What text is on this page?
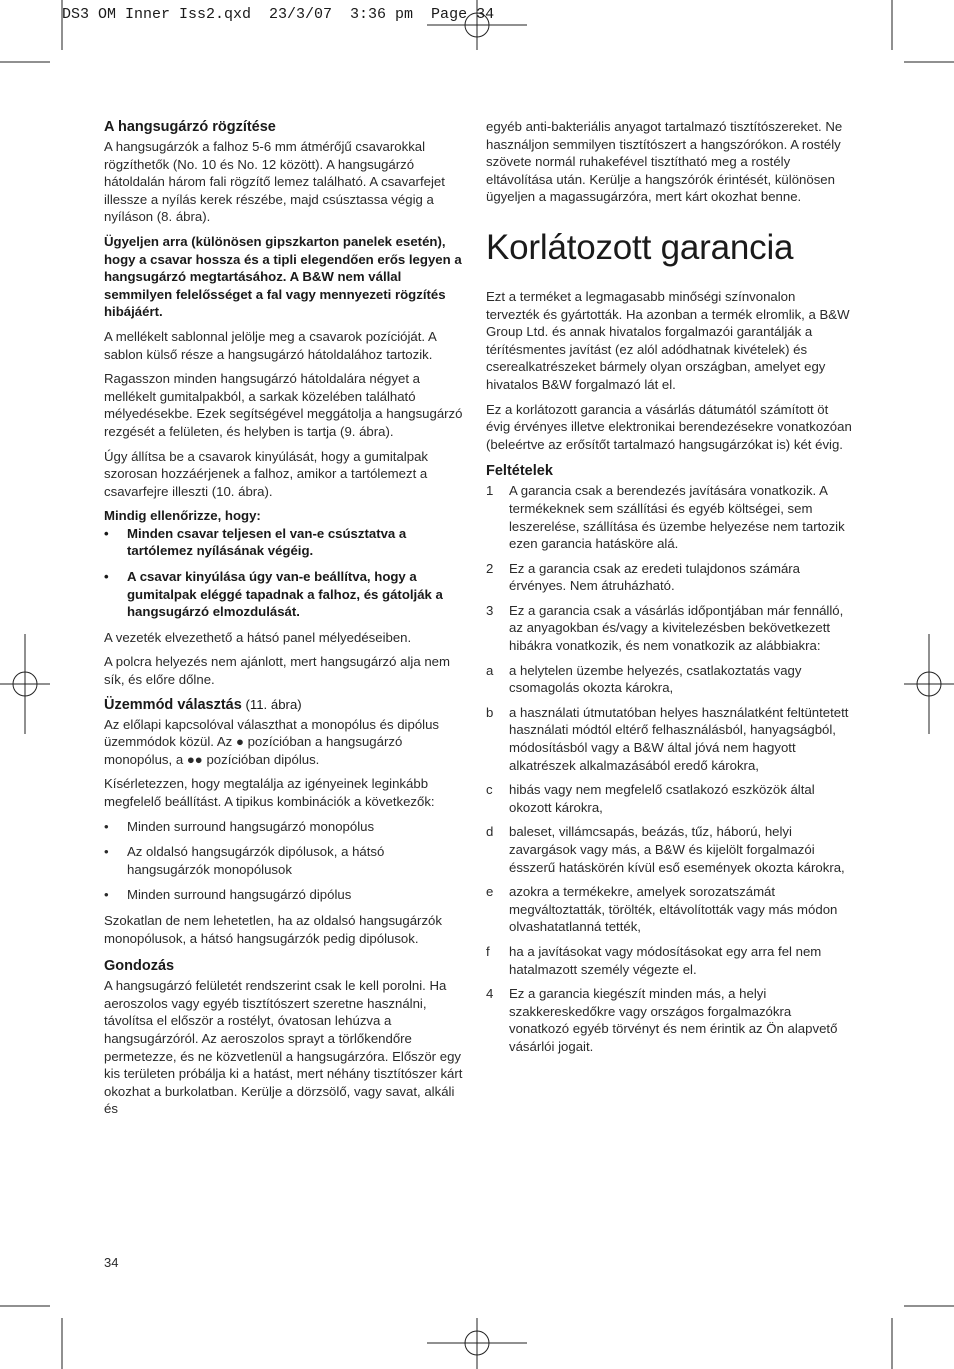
DS3 OM Inner Iss2.qxd  23/3/07  3:36 pm  Page 34
A hangsugárzó rögzítése

A hangsugárzók a falhoz 5-6 mm átmérőjű csavarokkal rögzíthetők (No. 10 és No. 12 között). A hangsugárzó hátoldalán három fali rögzítő lemez található. A csavarfejet illessze a nyílás kerek részébe, majd csúsztassa végig a nyíláson (8. ábra).

Ügyeljen arra (különösen gipszkarton panelek esetén), hogy a csavar hossza és a tipli elegendően erős legyen a hangsugárzó megtartásához. A B&W nem vállal semmilyen felelősséget a fal vagy mennyezeti rögzítés hibájáért.

A mellékelt sablonnal jelölje meg a csavarok pozícióját. A sablon külső része a hangsugárzó hátoldalához tartozik.

Ragasszon minden hangsugárzó hátoldalára négyet a mellékelt gumitalpakból, a sarkak közelében található mélyedésekbe. Ezek segítségével meggátolja a hangsugárzó rezgését a felületen, és helyben is tartja (9. ábra).

Úgy állítsa be a csavarok kinyúlását, hogy a gumitalpak szorosan hozzáérjenek a falhoz, amikor a tartólemezt a csavarfejre illeszti (10. ábra).

Mindig ellenőrizze, hogy:

• Minden csavar teljesen el van-e csúsztatva a tartólemez nyílásának végéig.
• A csavar kinyúlása úgy van-e beállítva, hogy a gumitalpak eléggé tapadnak a falhoz, és gátolják a hangsugárzó elmozdulását.

A vezeték elvezethető a hátsó panel mélyedéseiben.

A polcra helyezés nem ajánlott, mert hangsugárzó alja nem sík, és előre dőlne.

Üzemmód választás (11. ábra)

Az előlapi kapcsolóval választhat a monopólus és dipólus üzemmódok közül. Az ● pozícióban a hangsugárzó monopólus, a ●● pozícióban dipólus.

Kísérletezzen, hogy megtalálja az igényeinek leginkább megfelelő beállítást. A tipikus kombinációk a következők:

• Minden surround hangsugárzó monopólus
• Az oldalsó hangsugárzók dipólusok, a hátsó hangsugárzók monopólusok
• Minden surround hangsugárzó dipólus

Szokatlan de nem lehetetlen, ha az oldalsó hangsugárzók monopólusok, a hátsó hangsugárzók pedig dipólusok.

Gondozás

A hangsugárzó felületét rendszerint csak le kell porolni. Ha aeroszolos vagy egyéb tisztítószert szeretne használni, távolítsa el először a rostélyt, óvatosan lehúzva a hangsugárzóról. Az aeroszolos sprayt a törlőkendőre permetezze, és ne közvetlenül a hangsugárzóra. Először egy kis területen próbálja ki a hatást, mert néhány tisztítószer kárt okozhat a burkolatban. Kerülje a dörzsölő, vagy savat, alkáli és

egyéb anti-bakteriális anyagot tartalmazó tisztítószereket. Ne használjon semmilyen tisztítószert a hangszórókon. A rostély szövete normál ruhakefével tisztítható meg a rostély eltávolítása után. Kerülje a hangszórók érintését, különösen ügyeljen a magassugárzóra, mert kárt okozhat benne.

Korlátozott garancia

Ezt a terméket a legmagasabb minőségi színvonalon tervezték és gyártották. Ha azonban a termék elromlik, a B&W Group Ltd. és annak hivatalos forgalmazói garantálják a térítésmentes javítást (ez alól adódhatnak kivételek) és cserealkatrészeket bármely olyan országban, amelyet egy hivatalos B&W forgalmazó lát el.

Ez a korlátozott garancia a vásárlás dátumától számított öt évig érvényes illetve elektronikai berendezésekre vonatkozóan (beleértve az erősítőt tartalmazó hangsugárzókat is) két évig.

Feltételek
1 A garancia csak a berendezés javítására vonatkozik. A termékeknek sem szállítási és egyéb költségei, sem leszerelése, szállítása és üzembe helyezése nem tartozik ezen garancia hatásköre alá.
2 Ez a garancia csak az eredeti tulajdonos számára érvényes. Nem átruházható.
3 Ez a garancia csak a vásárlás időpontjában már fennálló, az anyagokban és/vagy a kivitelezésben bekövetkezett hibákra vonatkozik, és nem vonatkozik az alábbiakra:
a a helytelen üzembe helyezés, csatlakoztatás vagy csomagolás okozta károkra,
b a használati útmutatóban helyes használatként feltüntetett használati módtól eltérő felhasználásból, hanyagságból, módosításból vagy a B&W által jóvá nem hagyott alkatrészek alkalmazásából eredő károkra,
c hibás vagy nem megfelelő csatlakozó eszközök által okozott károkra,
d baleset, villámcsapás, beázás, tűz, háború, helyi zavargások vagy más, a B&W és kijelölt forgalmazói ésszerű hatáskörén kívül eső események okozta károkra,
e azokra a termékekre, amelyek sorozatszámát megváltoztatták, törölték, eltávolították vagy más módon olvashatatlanná tették,
f ha a javításokat vagy módosításokat egy arra fel nem hatalmazott személy végezte el.
4 Ez a garancia kiegészít minden más, a helyi szakkereskedőkre vagy országos forgalmazókra vonatkozó egyéb törvényt és nem érintik az Ön alapvető vásárlói jogait.

34
